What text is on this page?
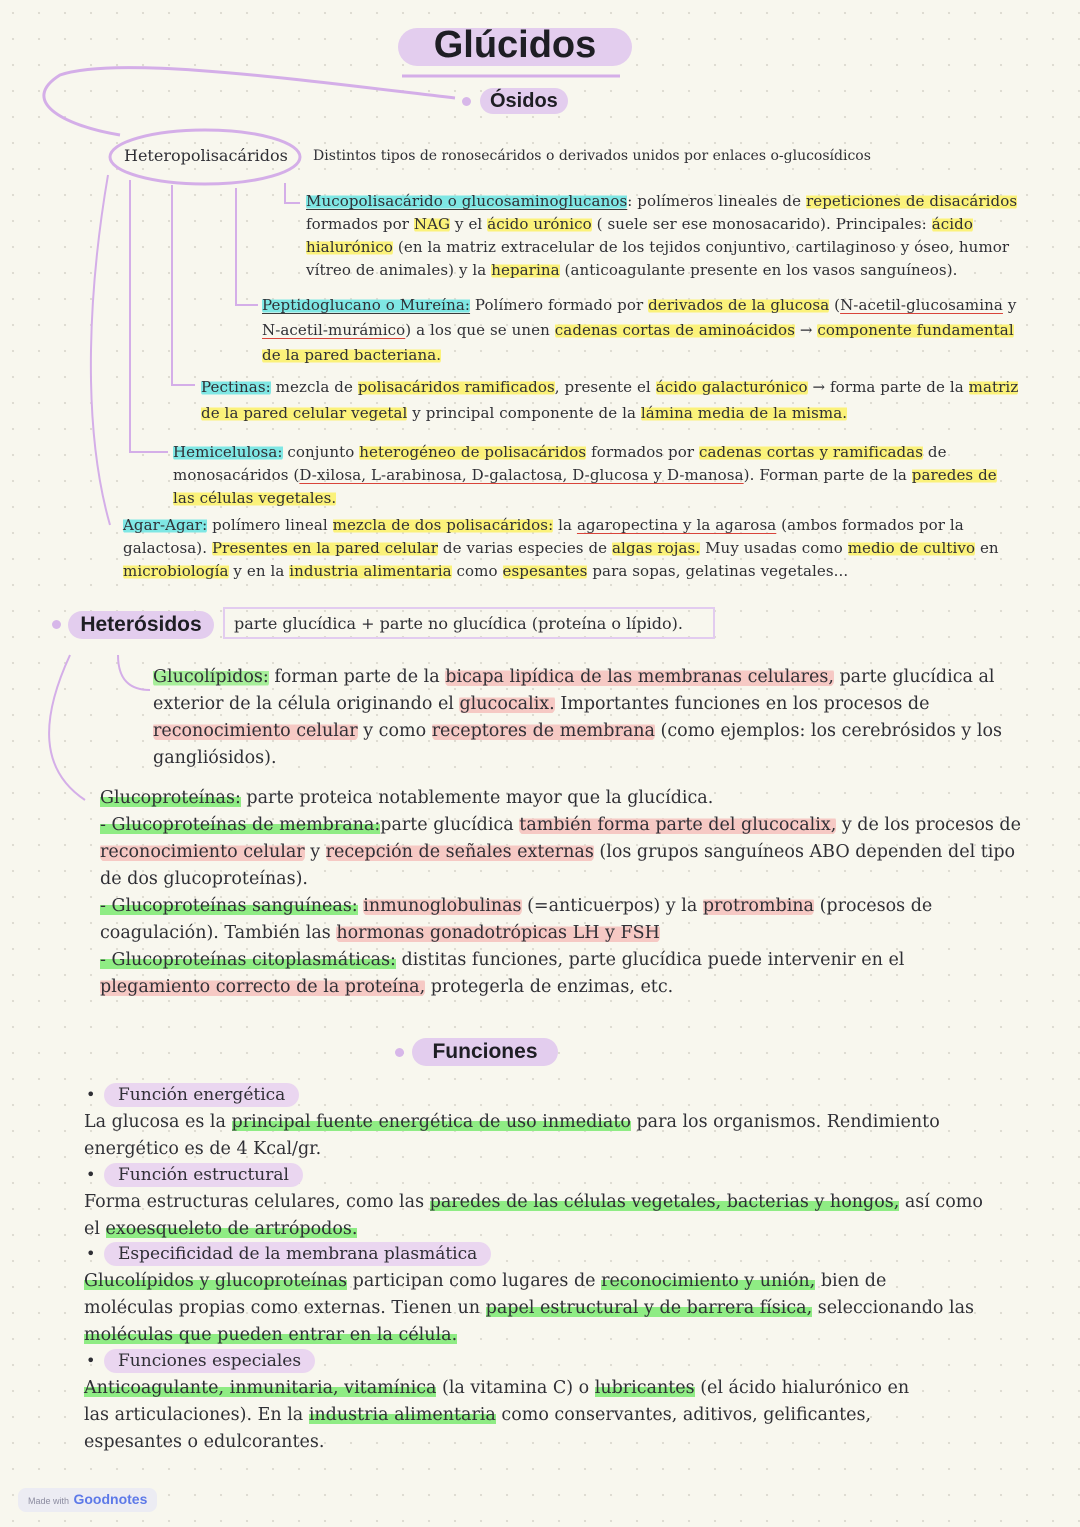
Glúcidos
Ósidos
Heteropolisacáridos Distintos tipos de ronosecáridos o derivados unidos por enlaces o-glucosídicos
Mucopolisacárido o glucosaminoglucanos: polímeros lineales de repeticiones de disacáridos
formados por NAG y el ácido urónico ( suele ser ese monosacarido). Principales: ácido
hialurónico (en la matriz extracelular de los tejidos conjuntivo, cartilaginoso y óseo, humor
vítreo de animales) y la heparina (anticoagulante presente en los vasos sanguíneos).
Peptidoglucano o Mureína: Polímero formado por derivados de la glucosa (N-acetil-glucosamina y
N-acetil-murámico) a los que se unen cadenas cortas de aminoácidos → componente fundamental
de la pared bacteriana.
Pectinas: mezcla de polisacáridos ramificados, presente el ácido galacturónico → forma parte de la matriz
de la pared celular vegetal y principal componente de la lámina media de la misma.
Hemicelulosa: conjunto heterogéneo de polisacáridos formados por cadenas cortas y ramificadas de
monosacáridos (D-xilosa, L-arabinosa, D-galactosa, D-glucosa y D-manosa). Forman parte de la paredes de
las células vegetales.
Agar-Agar: polímero lineal mezcla de dos polisacáridos: la agaropectina y la agarosa (ambos formados por la
galactosa). Presentes en la pared celular de varias especies de algas rojas. Muy usadas como medio de cultivo en
microbiología y en la industria alimentaria como espesantes para sopas, gelatinas vegetales...
Heterósidos	parte glucídica + parte no glucídica (proteína o lípido).
Glucolípidos: forman parte de la bicapa lipídica de las membranas celulares, parte glucídica al
exterior de la célula originando el glucocalix. Importantes funciones en los procesos de
reconocimiento celular y como receptores de membrana (como ejemplos: los cerebrósidos y los
gangliósidos).
Glucoproteínas: parte proteica notablemente mayor que la glucídica.
- Glucoproteínas de membrana:parte glucídica también forma parte del glucocalix, y de los procesos de
reconocimiento celular y recepción de señales externas (los grupos sanguíneos ABO dependen del tipo
de dos glucoproteínas).
- Glucoproteínas sanguíneas: inmunoglobulinas (=anticuerpos) y la protrombina (procesos de
coagulación). También las hormonas gonadotrópicas LH y FSH
- Glucoproteínas citoplasmáticas: distitas funciones, parte glucídica puede intervenir en el
plegamiento correcto de la proteína, protegerla de enzimas, etc.
Funciones
•	Función energética
La glucosa es la principal fuente energética de uso inmediato para los organismos. Rendimiento
energético es de 4 Kcal/gr.
•	Función estructural
Forma estructuras celulares, como las paredes de las células vegetales, bacterias y hongos, así como
el exoesqueleto de artrópodos.
•	Especificidad de la membrana plasmática
Glucolípidos y glucoproteínas participan como lugares de reconocimiento y unión, bien de
moléculas propias como externas. Tienen un papel estructural y de barrera física, seleccionando las
moléculas que pueden entrar en la célula.
•	Funciones especiales
Anticoagulante, inmunitaria, vitamínica (la vitamina C) o lubricantes (el ácido hialurónico en
las articulaciones). En la industria alimentaria como conservantes, aditivos, gelificantes,
espesantes o edulcorantes.
Made with Goodnotes
